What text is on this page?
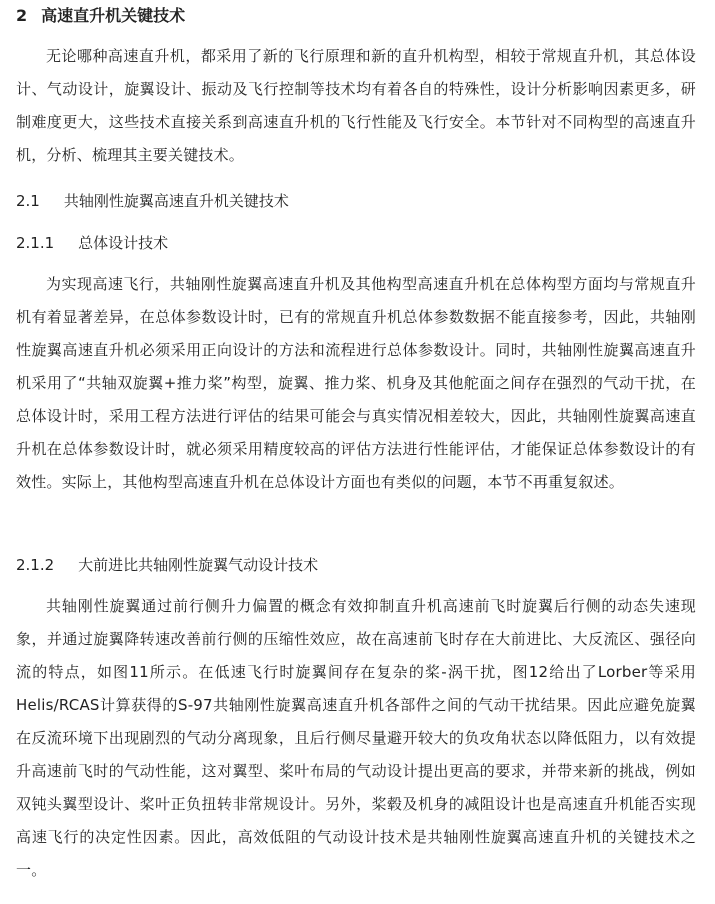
2 高速直升机关键技术

无论哪种高速直升机，都采用了新的飞行原理和新的直升机构型，相较于常规直升机，其总体设计、气动设计，旋翼设计、振动及飞行控制等技术均有着各自的特殊性，设计分析影响因素更多，研制难度更大，这些技术直接关系到高速直升机的飞行性能及飞行安全。本节针对不同构型的高速直升机，分析、梳理其主要关键技术。

2.1 共轴刚性旋翼高速直升机关键技术
2.1.1 总体设计技术

为实现高速飞行，共轴刚性旋翼高速直升机及其他构型高速直升机在总体构型方面均与常规直升机有着显著差异，在总体参数设计时，已有的常规直升机总体参数数据不能直接参考，因此，共轴刚性旋翼高速直升机必须采用正向设计的方法和流程进行总体参数设计。同时，共轴刚性旋翼高速直升机采用了“共轴双旋翼+推力桨”构型，旋翼、推力桨、机身及其他舵面之间存在强烈的气动干扰，在总体设计时，采用工程方法进行评估的结果可能会与真实情况相差较大，因此，共轴刚性旋翼高速直升机在总体参数设计时，就必须采用精度较高的评估方法进行性能评估，才能保证总体参数设计的有效性。实际上，其他构型高速直升机在总体设计方面也有类似的问题，本节不再重复叙述。

2.1.2 大前进比共轴刚性旋翼气动设计技术

共轴刚性旋翼通过前行侧升力偏置的概念有效抑制直升机高速前飞时旋翼后行侧的动态失速现象，并通过旋翼降转速改善前行侧的压缩性效应，故在高速前飞时存在大前进比、大反流区、强径向流的特点，如图11所示。在低速飞行时旋翼间存在复杂的桨-涡干扰，图12给出了Lorber等采用Helis/RCAS计算获得的S-97共轴刚性旋翼高速直升机各部件之间的气动干扰结果。因此应避免旋翼在反流环境下出现剧烈的气动分离现象，且后行侧尽量避开较大的负攻角状态以降低阻力，以有效提升高速前飞时的气动性能，这对翼型、桨叶布局的气动设计提出更高的要求，并带来新的挑战，例如双钝头翼型设计、桨叶正负扭转非常规设计。另外，桨毂及机身的减阻设计也是高速直升机能否实现高速飞行的决定性因素。因此，高效低阻的气动设计技术是共轴刚性旋翼高速直升机的关键技术之一。
